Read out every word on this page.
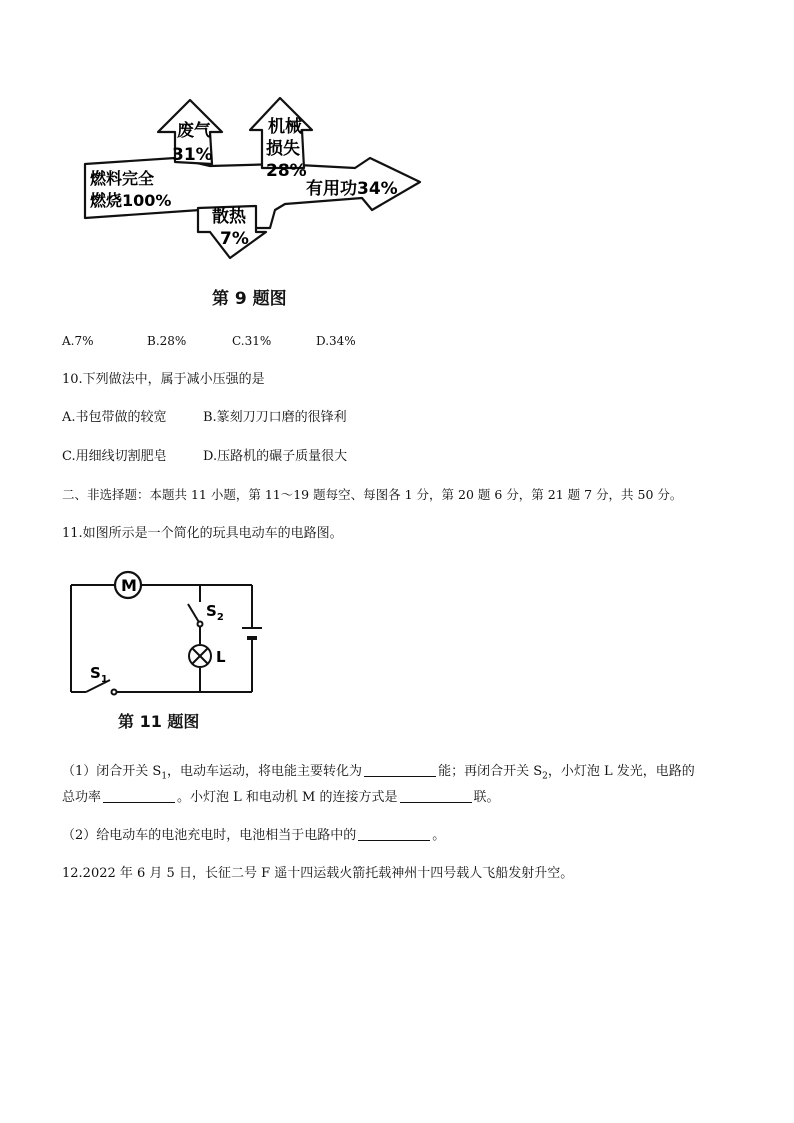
废气
31%
机械
损失
28%
燃料完全
燃烧100%
散热
7%
有用功34%
第 9 题图
A.7%	B.28%	C.31%	D.34%
10.下列做法中，属于减小压强的是
A.书包带做的较宽	B.篆刻刀刀口磨的很锋利
C.用细线切割肥皂	D.压路机的碾子质量很大
二、非选择题：本题共 11 小题，第 11～19 题每空、每图各 1 分，第 20 题 6 分，第 21 题 7 分，共 50 分。
11.如图所示是一个简化的玩具电动车的电路图。
M
$S_2$
L
$S_1$
第 11 题图
（1）闭合开关 $S_1$，电动车运动，将电能主要转化为	能；再闭合开关 $S_2$，小灯泡 L 发光，电路的
总功率	。小灯泡 L 和电动机 M 的连接方式是	联。
（2）给电动车的电池充电时，电池相当于电路中的	。
12.2022 年 6 月 5 日，长征二号 F 遥十四运载火箭托载神州十四号载人飞船发射升空。
